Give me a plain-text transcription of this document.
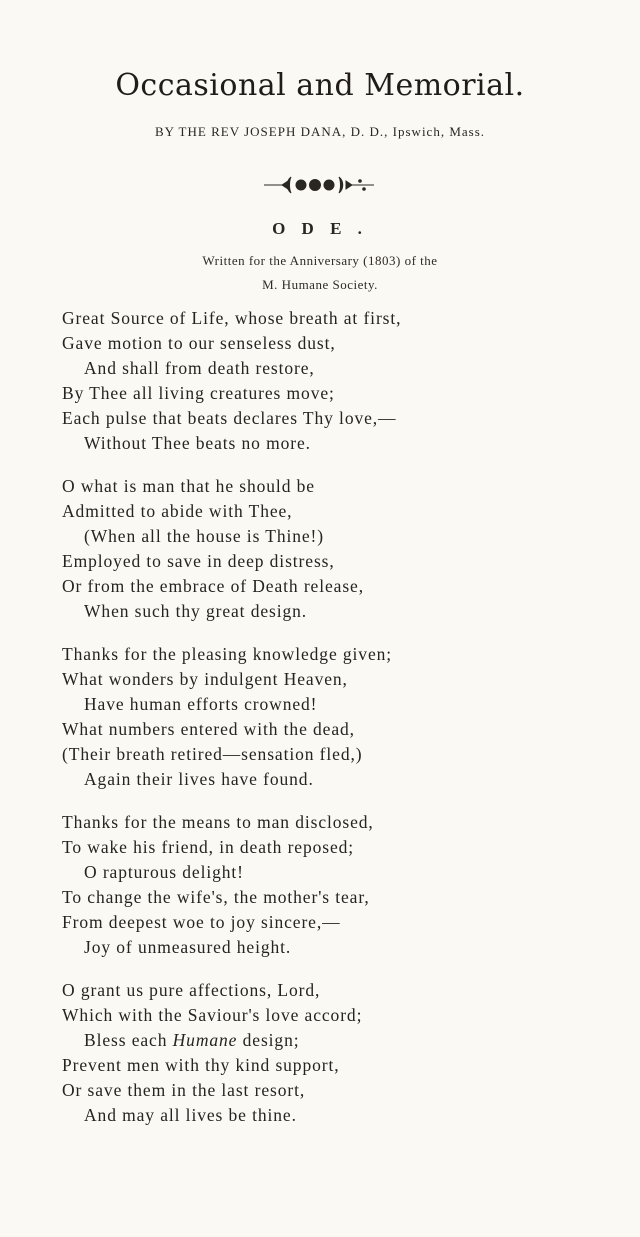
Occasional and Memorial.
BY THE REV JOSEPH DANA, D. D., Ipswich, Mass.
O D E .
Written for the Anniversary (1803) of the
M. Humane Society.
Great Source of Life, whose breath at first,
Gave motion to our senseless dust,
And shall from death restore,
By Thee all living creatures move;
Each pulse that beats declares Thy love,—
Without Thee beats no more.
O what is man that he should be
Admitted to abide with Thee,
(When all the house is Thine!)
Employed to save in deep distress,
Or from the embrace of Death release,
When such thy great design.
Thanks for the pleasing knowledge given;
What wonders by indulgent Heaven,
Have human efforts crowned!
What numbers entered with the dead,
(Their breath retired—sensation fled,)
Again their lives have found.
Thanks for the means to man disclosed,
To wake his friend, in death reposed;
O rapturous delight!
To change the wife's, the mother's tear,
From deepest woe to joy sincere,—
Joy of unmeasured height.
O grant us pure affections, Lord,
Which with the Saviour's love accord;
Bless each Humane design;
Prevent men with thy kind support,
Or save them in the last resort,
And may all lives be thine.
